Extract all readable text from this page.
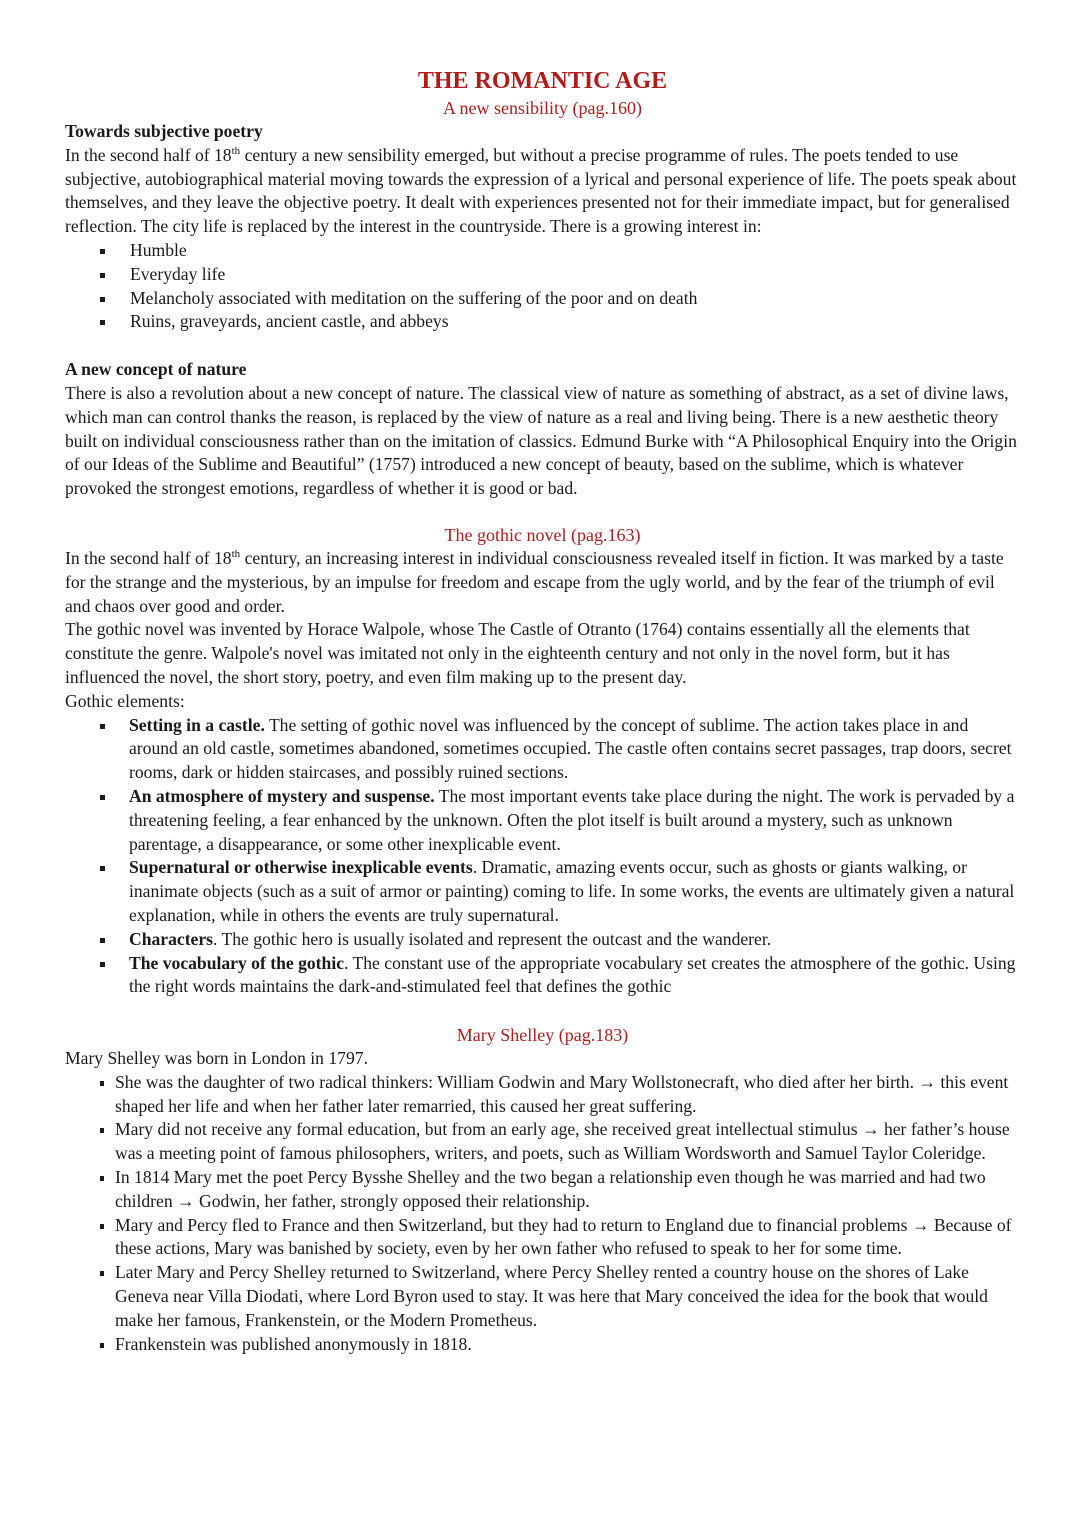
THE ROMANTIC AGE

A new sensibility (pag.160)

Towards subjective poetry

In the second half of 18th century a new sensibility emerged, but without a precise programme of rules. The poets tended to use subjective, autobiographical material moving towards the expression of a lyrical and personal experience of life. The poets speak about themselves, and they leave the objective poetry. It dealt with experiences presented not for their immediate impact, but for generalised reflection. The city life is replaced by the interest in the countryside. There is a growing interest in:

Humble
Everyday life
Melancholy associated with meditation on the suffering of the poor and on death
Ruins, graveyards, ancient castle, and abbeys

A new concept of nature

There is also a revolution about a new concept of nature. The classical view of nature as something of abstract, as a set of divine laws, which man can control thanks the reason, is replaced by the view of nature as a real and living being. There is a new aesthetic theory built on individual consciousness rather than on the imitation of classics. Edmund Burke with “A Philosophical Enquiry into the Origin of our Ideas of the Sublime and Beautiful” (1757) introduced a new concept of beauty, based on the sublime, which is whatever provoked the strongest emotions, regardless of whether it is good or bad.

The gothic novel (pag.163)

In the second half of 18th century, an increasing interest in individual consciousness revealed itself in fiction. It was marked by a taste for the strange and the mysterious, by an impulse for freedom and escape from the ugly world, and by the fear of the triumph of evil and chaos over good and order.

The gothic novel was invented by Horace Walpole, whose The Castle of Otranto (1764) contains essentially all the elements that constitute the genre. Walpole's novel was imitated not only in the eighteenth century and not only in the novel form, but it has influenced the novel, the short story, poetry, and even film making up to the present day.

Gothic elements:

Setting in a castle. The setting of gothic novel was influenced by the concept of sublime. The action takes place in and around an old castle, sometimes abandoned, sometimes occupied. The castle often contains secret passages, trap doors, secret rooms, dark or hidden staircases, and possibly ruined sections.
An atmosphere of mystery and suspense. The most important events take place during the night. The work is pervaded by a threatening feeling, a fear enhanced by the unknown. Often the plot itself is built around a mystery, such as unknown parentage, a disappearance, or some other inexplicable event.
Supernatural or otherwise inexplicable events. Dramatic, amazing events occur, such as ghosts or giants walking, or inanimate objects (such as a suit of armor or painting) coming to life. In some works, the events are ultimately given a natural explanation, while in others the events are truly supernatural.
Characters. The gothic hero is usually isolated and represent the outcast and the wanderer.
The vocabulary of the gothic. The constant use of the appropriate vocabulary set creates the atmosphere of the gothic. Using the right words maintains the dark-and-stimulated feel that defines the gothic

Mary Shelley (pag.183)

Mary Shelley was born in London in 1797.

She was the daughter of two radical thinkers: William Godwin and Mary Wollstonecraft, who died after her birth. → this event shaped her life and when her father later remarried, this caused her great suffering.
Mary did not receive any formal education, but from an early age, she received great intellectual stimulus → her father’s house was a meeting point of famous philosophers, writers, and poets, such as William Wordsworth and Samuel Taylor Coleridge.
In 1814 Mary met the poet Percy Bysshe Shelley and the two began a relationship even though he was married and had two children → Godwin, her father, strongly opposed their relationship.
Mary and Percy fled to France and then Switzerland, but they had to return to England due to financial problems → Because of these actions, Mary was banished by society, even by her own father who refused to speak to her for some time.
Later Mary and Percy Shelley returned to Switzerland, where Percy Shelley rented a country house on the shores of Lake Geneva near Villa Diodati, where Lord Byron used to stay. It was here that Mary conceived the idea for the book that would make her famous, Frankenstein, or the Modern Prometheus.
Frankenstein was published anonymously in 1818.
